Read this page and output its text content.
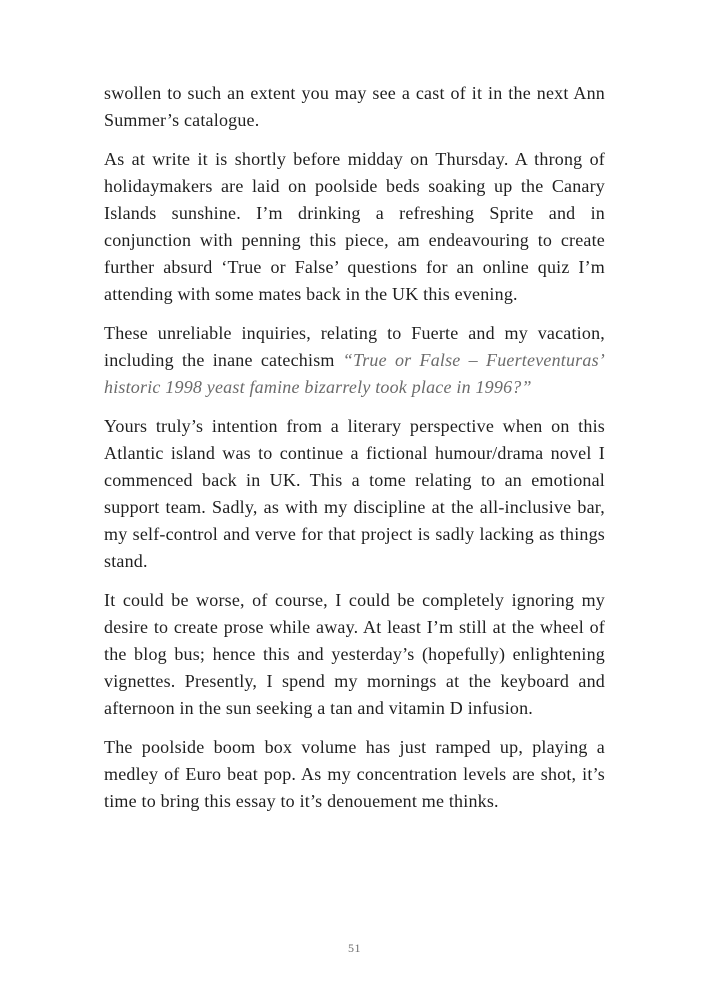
swollen to such an extent you may see a cast of it in the next Ann Summer’s catalogue.

As at write it is shortly before midday on Thursday. A throng of holidaymakers are laid on poolside beds soaking up the Canary Islands sunshine. I’m drinking a refreshing Sprite and in conjunction with penning this piece, am endeavouring to create further absurd ‘True or False’ questions for an online quiz I’m attending with some mates back in the UK this evening.

These unreliable inquiries, relating to Fuerte and my vacation, including the inane catechism “True or False – Fuerteventuras’ historic 1998 yeast famine bizarrely took place in 1996?”

Yours truly’s intention from a literary perspective when on this Atlantic island was to continue a fictional humour/drama novel I commenced back in UK. This a tome relating to an emotional support team. Sadly, as with my discipline at the all-inclusive bar, my self-control and verve for that project is sadly lacking as things stand.

It could be worse, of course, I could be completely ignoring my desire to create prose while away. At least I’m still at the wheel of the blog bus; hence this and yesterday’s (hopefully) enlightening vignettes. Presently, I spend my mornings at the keyboard and afternoon in the sun seeking a tan and vitamin D infusion.

The poolside boom box volume has just ramped up, playing a medley of Euro beat pop. As my concentration levels are shot, it’s time to bring this essay to it’s denouement me thinks.

51
